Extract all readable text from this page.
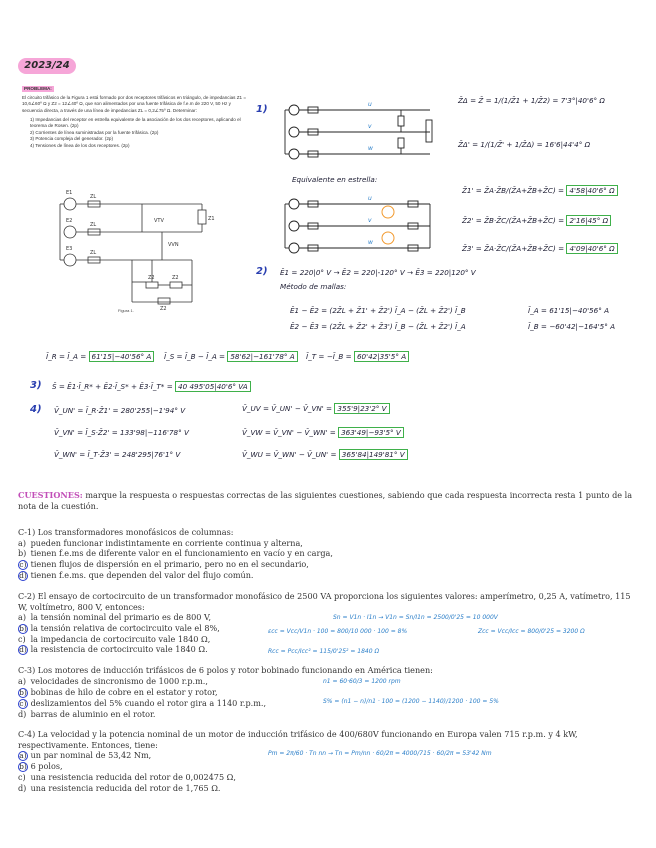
2023/24
PROBLEMA:
El circuito trifásico de la Figura 1 está formado por dos receptores trifásicos en triángulo, de impedancias Z1 = 10,6∠60º Ω y Z2 = 12∠40º Ω, que son alimentados por una fuente trifásica de f.e.m de 220 V, 50 Hz y secuencia directa, a través de una línea de impedancias ZL = 0,2∠75º Ω. Determinar:
1) Impedancias del receptor en estrella equivalente de la asociación de los dos receptores, aplicando el teorema de Rosen. (2p)
2) Corrientes de línea suministradas por la fuente trifásica. (2p)
3) Potencia compleja del generador. (2p)
4) Tensiones de línea de los dos receptores. (2p)
E1
E2
E3
ZL
ZL
ZL
Z1
VTV
VVN
Z2	Z2
Z2
Figura 1.
1)	u
v
w
Z̄Δ = Z̄ = 1/(1/Z̄1 + 1/Z̄2) = 7'3°|40'6° Ω
Z̄Δ' = 1/(1/Z̄' + 1/Z̄Δ) = 16'6|44'4° Ω
Equivalente en estrella:
u
v
w
Z̄1' = Z̄A·Z̄B/(Z̄A+Z̄B+Z̄C) = 4'58|40'6° Ω
Z̄2' = Z̄B·Z̄C/(Z̄A+Z̄B+Z̄C) = 2'16|45° Ω
Z̄3' = Z̄A·Z̄C/(Z̄A+Z̄B+Z̄C) = 4'09|40'6° Ω
2) Ē1 = 220|0° V → Ē2 = 220|-120° V → Ē3 = 220|120° V
Método de mallas:
Ē1 − Ē2 = (2Z̄L + Z̄1' + Z̄2') Ī_A − (Z̄L + Z̄2') Ī_B
Ē2 − Ē3 = (2Z̄L + Z̄2' + Z̄3') Ī_B − (Z̄L + Z̄2') Ī_A
Ī_A = 61'15|−40'56° A
Ī_B = −60'42|−164'5° A
Ī_R = Ī_A = 61'15|−40'56° A	Ī_S = Ī_B − Ī_A = 58'62|−161'78° A	Ī_T = −Ī_B = 60'42|35'5° A
3) S̄ = Ē1·Ī_R* + Ē2·Ī_S* + Ē3·Ī_T* = 40 495'05|40'6° VA
4) V̄_UN' = Ī_R·Z̄1' = 280'255|−1'94° V
V̄_VN' = Ī_S·Z̄2' = 133'98|−116'78° V
V̄_WN' = Ī_T·Z̄3' = 248'295|76'1° V
V̄_UV = V̄_UN' − V̄_VN' = 355'9|23'2° V
V̄_VW = V̄_VN' − V̄_WN' = 363'49|−93'5° V
V̄_WU = V̄_WN' − V̄_UN' = 365'84|149'81° V
CUESTIONES: marque la respuesta o respuestas correctas de las siguientes cuestiones, sabiendo que cada respuesta incorrecta resta 1 punto de la nota de la cuestión.
C-1) Los transformadores monofásicos de columnas:
a) pueden funcionar indistintamente en corriente continua y alterna,
b) tienen f.e.ms de diferente valor en el funcionamiento en vacío y en carga,
c) tienen flujos de dispersión en el primario, pero no en el secundario,
d) tienen f.e.ms. que dependen del valor del flujo común.
C-2) El ensayo de cortocircuito de un transformador monofásico de 2500 VA proporciona los siguientes valores: amperímetro, 0,25 A, vatímetro, 115 W, voltímetro, 800 V, entonces:
a) la tensión nominal del primario es de 800 V,
b) la tensión relativa de cortocircuito vale el 8%,
c) la impedancia de cortocircuito vale 1840 Ω,
d) la resistencia de cortocircuito vale 1840 Ω.
Sn = V1n · I1n → V1n = Sn/I1n = 2500/0'25 = 10 000V
εcc = Vcc/V1n · 100 = 800/10 000 · 100 = 8%	Zcc = Vcc/Icc = 800/0'25 = 3200 Ω
Rcc = Pcc/Icc² = 115/0'25² = 1840 Ω
C-3) Los motores de inducción trifásicos de 6 polos y rotor bobinado funcionando en América tienen:
a) velocidades de sincronismo de 1000 r.p.m.,
b) bobinas de hilo de cobre en el estator y rotor,
c) deslizamientos del 5% cuando el rotor gira a 1140 r.p.m.,
d) barras de aluminio en el rotor.
n1 = 60·60/3 = 1200 rpm
S% = (n1 − n)/n1 · 100 = (1200 − 1140)/1200 · 100 = 5%
C-4) La velocidad y la potencia nominal de un motor de inducción trifásico de 400/680V funcionando en Europa valen 715 r.p.m. y 4 kW, respectivamente. Entonces, tiene:
a) un par nominal de 53,42 Nm,
b) 6 polos,
c) una resistencia reducida del rotor de 0,002475 Ω,
d) una resistencia reducida del rotor de 1,765 Ω.
Pm = 2π/60 · Tn nn → Tn = Pm/nn · 60/2π = 4000/715 · 60/2π = 53'42 Nm
